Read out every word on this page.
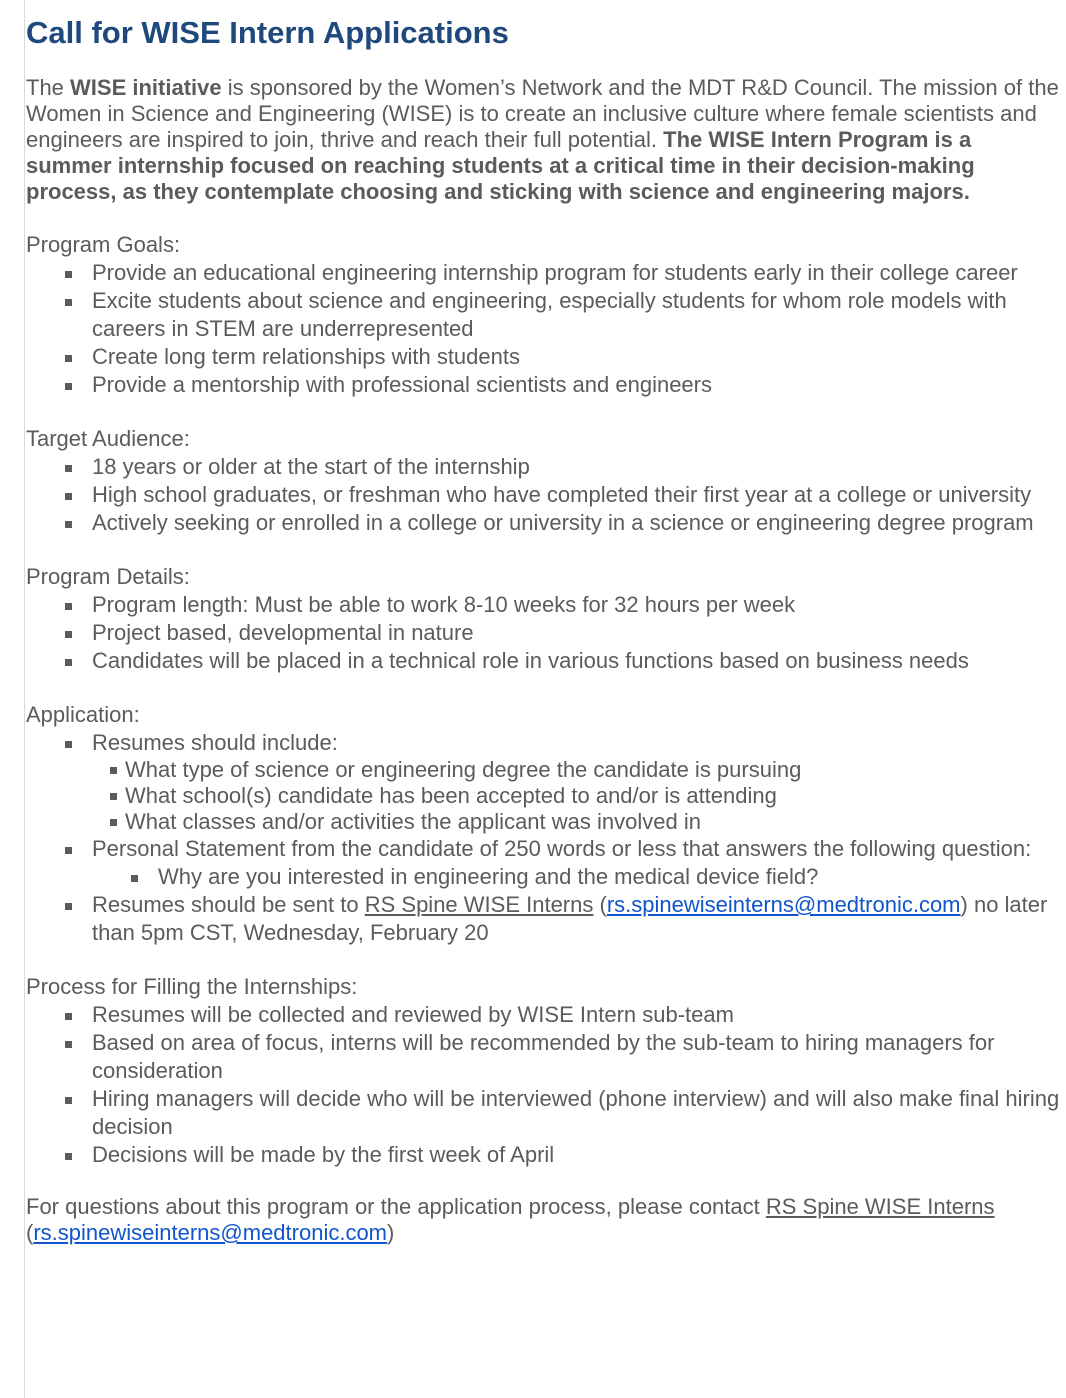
Call for WISE Intern Applications

The WISE initiative is sponsored by the Women’s Network and the MDT R&D Council. The mission of the Women in Science and Engineering (WISE) is to create an inclusive culture where female scientists and engineers are inspired to join, thrive and reach their full potential. The WISE Intern Program is a summer internship focused on reaching students at a critical time in their decision-making process, as they contemplate choosing and sticking with science and engineering majors.

Program Goals:
Provide an educational engineering internship program for students early in their college career
Excite students about science and engineering, especially students for whom role models with careers in STEM are underrepresented
Create long term relationships with students
Provide a mentorship with professional scientists and engineers
Target Audience:
18 years or older at the start of the internship
High school graduates, or freshman who have completed their first year at a college or university
Actively seeking or enrolled in a college or university in a science or engineering degree program
Program Details:
Program length: Must be able to work 8-10 weeks for 32 hours per week
Project based, developmental in nature
Candidates will be placed in a technical role in various functions based on business needs
Application:
Resumes should include:
What type of science or engineering degree the candidate is pursuing
What school(s) candidate has been accepted to and/or is attending
What classes and/or activities the applicant was involved in
Personal Statement from the candidate of 250 words or less that answers the following question:
Why are you interested in engineering and the medical device field?
Resumes should be sent to RS Spine WISE Interns (rs.spinewiseinterns@medtronic.com) no later than 5pm CST, Wednesday, February 20
Process for Filling the Internships:
Resumes will be collected and reviewed by WISE Intern sub-team
Based on area of focus, interns will be recommended by the sub-team to hiring managers for consideration
Hiring managers will decide who will be interviewed (phone interview) and will also make final hiring decision
Decisions will be made by the first week of April

For questions about this program or the application process, please contact RS Spine WISE Interns (rs.spinewiseinterns@medtronic.com)
